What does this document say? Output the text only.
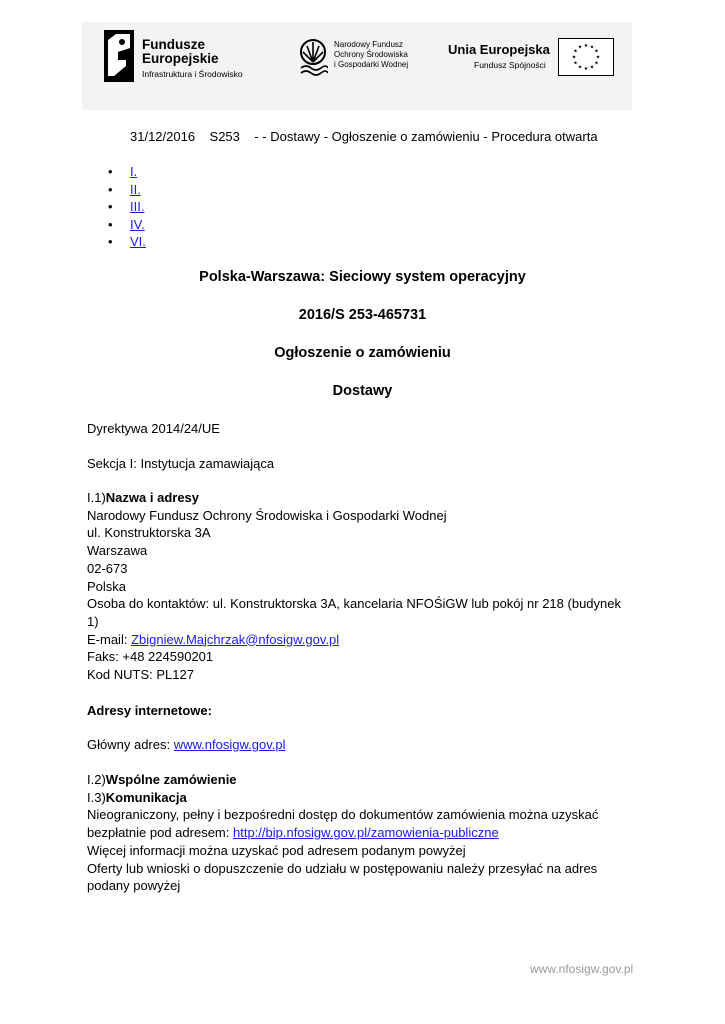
Fundusze
Europejskie
Infrastruktura i Środowisko
Narodowy Fundusz
Ochrony Środowiska
i Gospodarki Wodnej
Unia Europejska
Fundusz Spójności
★ ★
★
★
★
★
★
★
★
★
★
★
31/12/2016 S253 - - Dostawy - Ogłoszenie o zamówieniu - Procedura otwarta
• I.
• II.
• III.
• IV.
• VI.
Polska-Warszawa: Sieciowy system operacyjny
2016/S 253-465731
Ogłoszenie o zamówieniu
Dostawy
Dyrektywa 2014/24/UE
Sekcja I: Instytucja zamawiająca
I.1)Nazwa i adresy
Narodowy Fundusz Ochrony Środowiska i Gospodarki Wodnej
ul. Konstruktorska 3A
Warszawa
02-673
Polska
Osoba do kontaktów: ul. Konstruktorska 3A, kancelaria NFOŚiGW lub pokój nr 218 (budynek
1)
E-mail: Zbigniew.Majchrzak@nfosigw.gov.pl
Faks: +48 224590201
Kod NUTS: PL127
Adresy internetowe:
Główny adres: www.nfosigw.gov.pl
I.2)Wspólne zamówienie
I.3)Komunikacja
Nieograniczony, pełny i bezpośredni dostęp do dokumentów zamówienia można uzyskać
bezpłatnie pod adresem: http://bip.nfosigw.gov.pl/zamowienia-publiczne
Więcej informacji można uzyskać pod adresem podanym powyżej
Oferty lub wnioski o dopuszczenie do udziału w postępowaniu należy przesyłać na adres
podany powyżej
www.nfosigw.gov.pl
